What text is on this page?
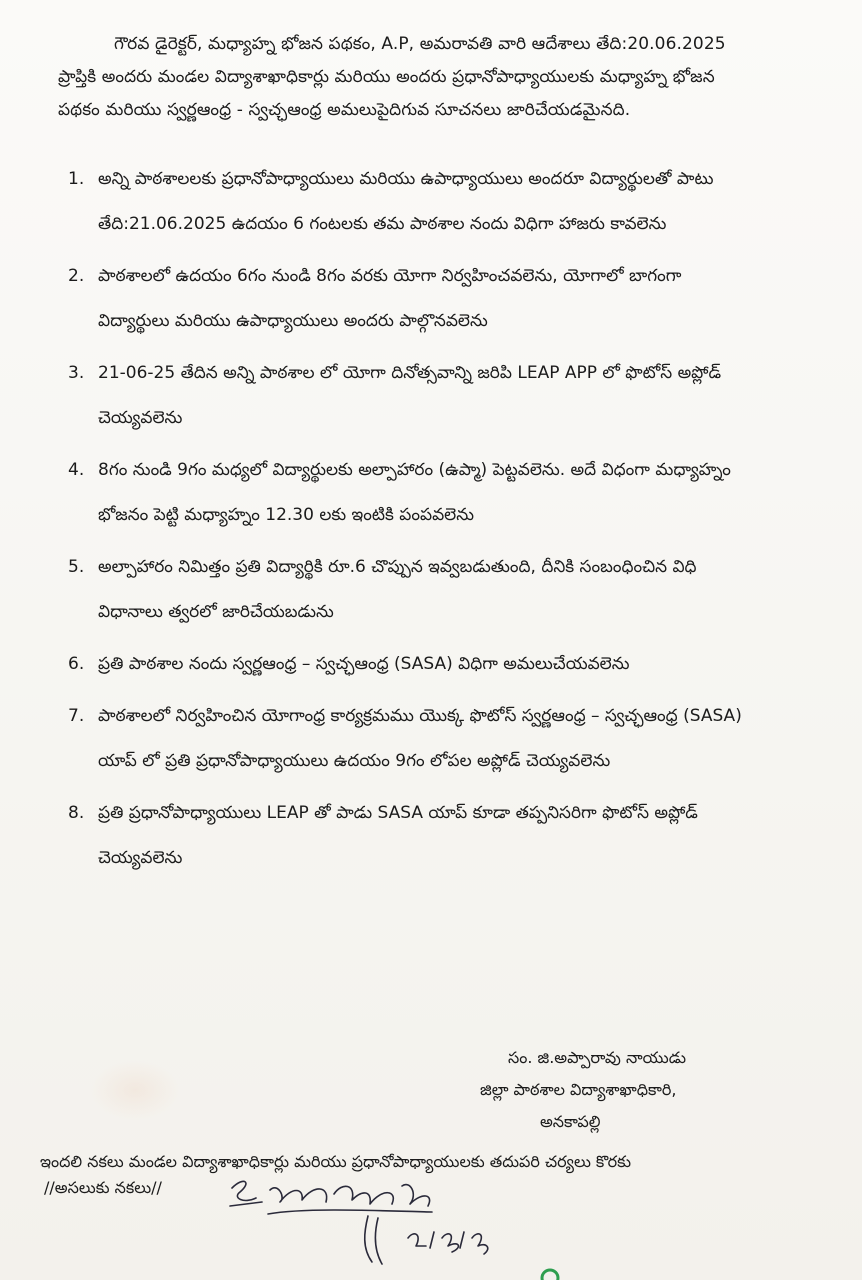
గౌరవ డైరెక్టర్, మధ్యాహ్న భోజన పథకం, A.P, అమరావతి వారి ఆదేశాలు తేది:20.06.2025
ప్రాప్తికి అందరు మండల విద్యాశాఖాధికార్లు మరియు అందరు ప్రధానోపాధ్యాయులకు మధ్యాహ్న భోజన
పథకం మరియు స్వర్ణఆంధ్ర - స్వచ్ఛఆంధ్ర అమలుపైదిగువ సూచనలు జారిచేయడమైనది.
1. అన్ని పాఠశాలలకు ప్రధానోపాధ్యాయులు మరియు ఉపాధ్యాయులు అందరూ విద్యార్థులతో పాటు
తేది:21.06.2025 ఉదయం 6 గంటలకు తమ పాఠశాల నందు విధిగా హాజరు కావలెను
2. పాఠశాలలో ఉదయం 6గం నుండి 8గం వరకు యోగా నిర్వహించవలెను, యోగాలో బాగంగా
విద్యార్థులు మరియు ఉపాధ్యాయులు అందరు పాల్గొనవలెను
3. 21-06-25 తేదిన అన్ని పాఠశాల లో యోగా దినోత్సవాన్ని జరిపి LEAP APP లో ఫొటోస్ అప్లోడ్
చెయ్యవలెను
4. 8గం నుండి 9గం మధ్యలో విద్యార్థులకు అల్పాహారం (ఉప్మా) పెట్టవలెను. అదే విధంగా మధ్యాహ్నం
భోజనం పెట్టి మధ్యాహ్నం 12.30 లకు ఇంటికి పంపవలెను
5. అల్పాహారం నిమిత్తం ప్రతి విద్యార్థికి రూ.6 చొప్పున ఇవ్వబడుతుంది, దీనికి సంబంధించిన విధి
విధానాలు త్వరలో జారిచేయబడును
6. ప్రతి పాఠశాల నందు స్వర్ణఆంధ్ర – స్వచ్ఛఆంధ్ర (SASA) విధిగా అమలుచేయవలెను
7. పాఠశాలలో నిర్వహించిన యోగాంధ్ర కార్యక్రమము యొక్క ఫొటోస్ స్వర్ణఆంధ్ర – స్వచ్ఛఆంధ్ర (SASA)
యాప్ లో ప్రతి ప్రధానోపాధ్యాయులు ఉదయం 9గం లోపల అప్లోడ్ చెయ్యవలెను
8. ప్రతి ప్రధానోపాధ్యాయులు LEAP తో పాడు SASA యాప్ కూడా తప్పనిసరిగా ఫొటోస్ అప్లోడ్
చెయ్యవలెను
సం. జి.అప్పారావు నాయుడు
జిల్లా పాఠశాల విద్యాశాఖాధికారి,
అనకాపల్లి
ఇందలి నకలు మండల విద్యాశాఖాధికార్లు మరియు ప్రధానోపాధ్యాయులకు తదుపరి చర్యలు కొరకు
//అసలుకు నకలు//
